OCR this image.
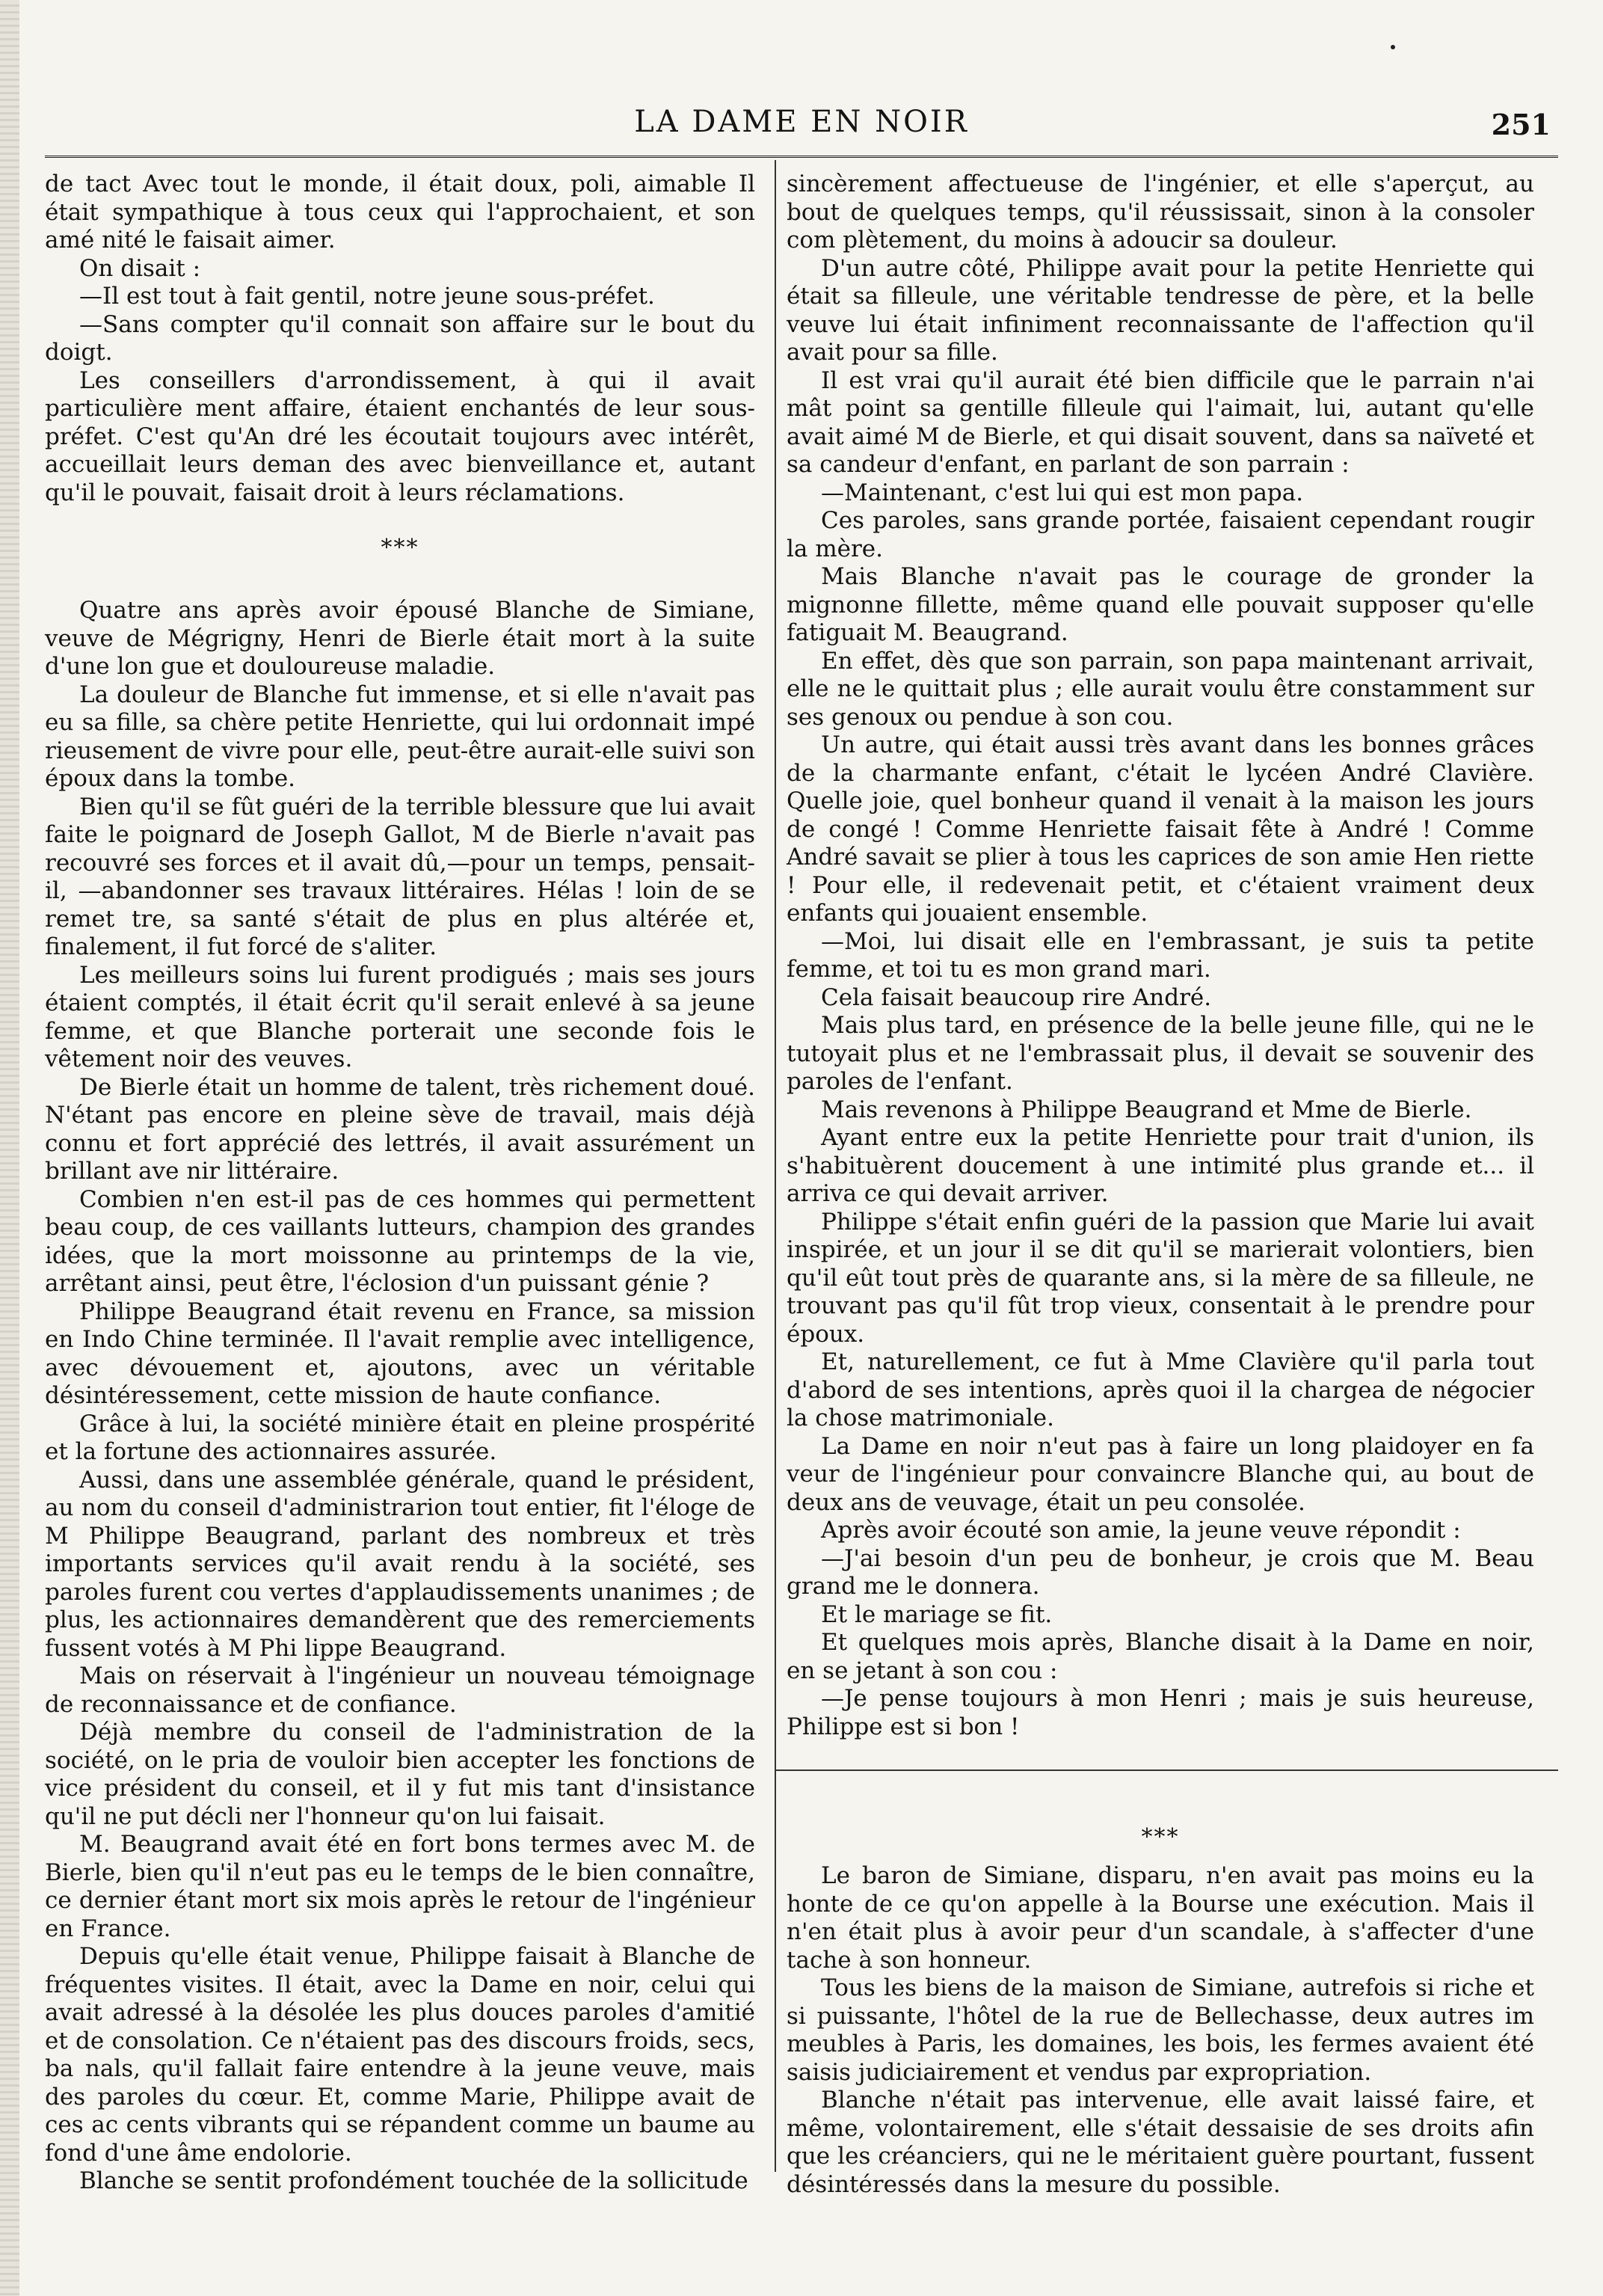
LA DAME EN NOIR	251

de tact Avec tout le monde, il était doux, poli, aimable Il était sympathique à tous ceux qui l'approchaient, et son amé nité le faisait aimer.

On disait :

—Il est tout à fait gentil, notre jeune sous-préfet.

—Sans compter qu'il connait son affaire sur le bout du doigt.

Les conseillers d'arrondissement, à qui il avait particulière ment affaire, étaient enchantés de leur sous-préfet. C'est qu'An dré les écoutait toujours avec intérêt, accueillait leurs deman des avec bienveillance et, autant qu'il le pouvait, faisait droit à leurs réclamations.

***

Quatre ans après avoir épousé Blanche de Simiane, veuve de Mégrigny, Henri de Bierle était mort à la suite d'une lon gue et douloureuse maladie.

La douleur de Blanche fut immense, et si elle n'avait pas eu sa fille, sa chère petite Henriette, qui lui ordonnait impé rieusement de vivre pour elle, peut-être aurait-elle suivi son époux dans la tombe.

Bien qu'il se fût guéri de la terrible blessure que lui avait faite le poignard de Joseph Gallot, M de Bierle n'avait pas recouvré ses forces et il avait dû,—pour un temps, pensait-il, —abandonner ses travaux littéraires. Hélas ! loin de se remet tre, sa santé s'était de plus en plus altérée et, finalement, il fut forcé de s'aliter.

Les meilleurs soins lui furent prodigués ; mais ses jours étaient comptés, il était écrit qu'il serait enlevé à sa jeune femme, et que Blanche porterait une seconde fois le vêtement noir des veuves.

De Bierle était un homme de talent, très richement doué. N'étant pas encore en pleine sève de travail, mais déjà connu et fort apprécié des lettrés, il avait assurément un brillant ave nir littéraire.

Combien n'en est-il pas de ces hommes qui permettent beau coup, de ces vaillants lutteurs, champion des grandes idées, que la mort moissonne au printemps de la vie, arrêtant ainsi, peut être, l'éclosion d'un puissant génie ?

Philippe Beaugrand était revenu en France, sa mission en Indo Chine terminée. Il l'avait remplie avec intelligence, avec dévouement et, ajoutons, avec un véritable désintéressement, cette mission de haute confiance.

Grâce à lui, la société minière était en pleine prospérité et la fortune des actionnaires assurée.

Aussi, dans une assemblée générale, quand le président, au nom du conseil d'administrarion tout entier, fit l'éloge de M Philippe Beaugrand, parlant des nombreux et très importants services qu'il avait rendu à la société, ses paroles furent cou vertes d'applaudissements unanimes ; de plus, les actionnaires demandèrent que des remerciements fussent votés à M Phi lippe Beaugrand.

Mais on réservait à l'ingénieur un nouveau témoignage de reconnaissance et de confiance.

Déjà membre du conseil de l'administration de la société, on le pria de vouloir bien accepter les fonctions de vice président du conseil, et il y fut mis tant d'insistance qu'il ne put décli ner l'honneur qu'on lui faisait.

M. Beaugrand avait été en fort bons termes avec M. de Bierle, bien qu'il n'eut pas eu le temps de le bien connaître, ce dernier étant mort six mois après le retour de l'ingénieur en France.

Depuis qu'elle était venue, Philippe faisait à Blanche de fréquentes visites. Il était, avec la Dame en noir, celui qui avait adressé à la désolée les plus douces paroles d'amitié et de consolation. Ce n'étaient pas des discours froids, secs, ba nals, qu'il fallait faire entendre à la jeune veuve, mais des paroles du cœur. Et, comme Marie, Philippe avait de ces ac cents vibrants qui se répandent comme un baume au fond d'une âme endolorie.

Blanche se sentit profondément touchée de la sollicitude

sincèrement affectueuse de l'ingénier, et elle s'aperçut, au bout de quelques temps, qu'il réussissait, sinon à la consoler com plètement, du moins à adoucir sa douleur.

D'un autre côté, Philippe avait pour la petite Henriette qui était sa filleule, une véritable tendresse de père, et la belle veuve lui était infiniment reconnaissante de l'affection qu'il avait pour sa fille.

Il est vrai qu'il aurait été bien difficile que le parrain n'ai mât point sa gentille filleule qui l'aimait, lui, autant qu'elle avait aimé M de Bierle, et qui disait souvent, dans sa naïveté et sa candeur d'enfant, en parlant de son parrain :

—Maintenant, c'est lui qui est mon papa.

Ces paroles, sans grande portée, faisaient cependant rougir la mère.

Mais Blanche n'avait pas le courage de gronder la mignonne fillette, même quand elle pouvait supposer qu'elle fatiguait M. Beaugrand.

En effet, dès que son parrain, son papa maintenant arrivait, elle ne le quittait plus ; elle aurait voulu être constamment sur ses genoux ou pendue à son cou.

Un autre, qui était aussi très avant dans les bonnes grâces de la charmante enfant, c'était le lycéen André Clavière. Quelle joie, quel bonheur quand il venait à la maison les jours de congé ! Comme Henriette faisait fête à André ! Comme André savait se plier à tous les caprices de son amie Hen riette ! Pour elle, il redevenait petit, et c'étaient vraiment deux enfants qui jouaient ensemble.

—Moi, lui disait elle en l'embrassant, je suis ta petite femme, et toi tu es mon grand mari.

Cela faisait beaucoup rire André.

Mais plus tard, en présence de la belle jeune fille, qui ne le tutoyait plus et ne l'embrassait plus, il devait se souvenir des paroles de l'enfant.

Mais revenons à Philippe Beaugrand et Mme de Bierle.

Ayant entre eux la petite Henriette pour trait d'union, ils s'habituèrent doucement à une intimité plus grande et... il arriva ce qui devait arriver.

Philippe s'était enfin guéri de la passion que Marie lui avait inspirée, et un jour il se dit qu'il se marierait volontiers, bien qu'il eût tout près de quarante ans, si la mère de sa filleule, ne trouvant pas qu'il fût trop vieux, consentait à le prendre pour époux.

Et, naturellement, ce fut à Mme Clavière qu'il parla tout d'abord de ses intentions, après quoi il la chargea de négocier la chose matrimoniale.

La Dame en noir n'eut pas à faire un long plaidoyer en fa veur de l'ingénieur pour convaincre Blanche qui, au bout de deux ans de veuvage, était un peu consolée.

Après avoir écouté son amie, la jeune veuve répondit :

—J'ai besoin d'un peu de bonheur, je crois que M. Beau grand me le donnera.

Et le mariage se fit.

Et quelques mois après, Blanche disait à la Dame en noir, en se jetant à son cou :

—Je pense toujours à mon Henri ; mais je suis heureuse, Philippe est si bon !

***

Le baron de Simiane, disparu, n'en avait pas moins eu la honte de ce qu'on appelle à la Bourse une exécution. Mais il n'en était plus à avoir peur d'un scandale, à s'affecter d'une tache à son honneur.

Tous les biens de la maison de Simiane, autrefois si riche et si puissante, l'hôtel de la rue de Bellechasse, deux autres im meubles à Paris, les domaines, les bois, les fermes avaient été saisis judiciairement et vendus par expropriation.

Blanche n'était pas intervenue, elle avait laissé faire, et même, volontairement, elle s'était dessaisie de ses droits afin que les créanciers, qui ne le méritaient guère pourtant, fussent désintéressés dans la mesure du possible.
